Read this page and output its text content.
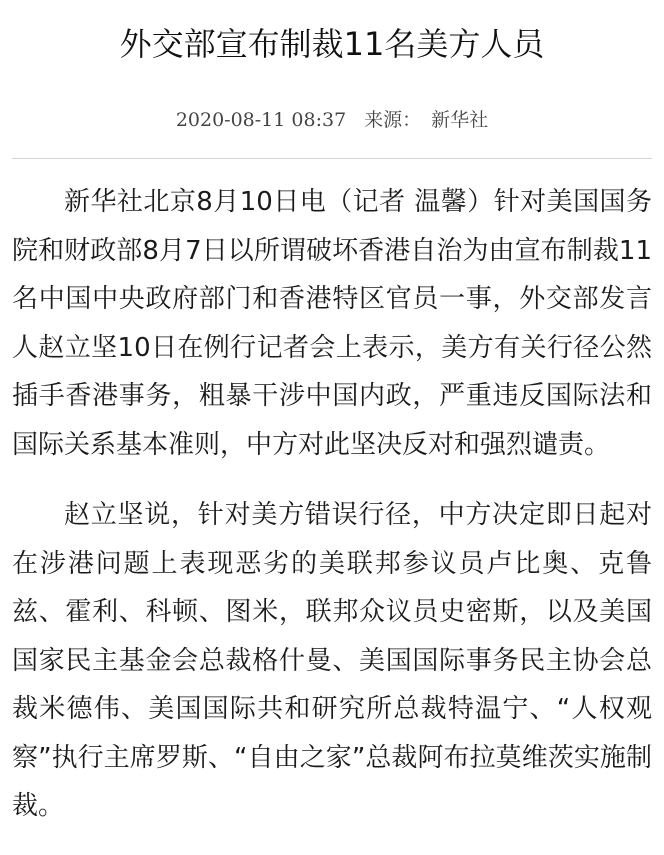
外交部宣布制裁11名美方人员
2020-08-11 08:37 来源： 新华社

新华社北京8月10日电（记者 温馨）针对美国国务院和财政部8月7日以所谓破坏香港自治为由宣布制裁11名中国中央政府部门和香港特区官员一事，外交部发言人赵立坚10日在例行记者会上表示，美方有关行径公然插手香港事务，粗暴干涉中国内政，严重违反国际法和国际关系基本准则，中方对此坚决反对和强烈谴责。

赵立坚说，针对美方错误行径，中方决定即日起对在涉港问题上表现恶劣的美联邦参议员卢比奥、克鲁兹、霍利、科顿、图米，联邦众议员史密斯，以及美国国家民主基金会总裁格什曼、美国国际事务民主协会总裁米德伟、美国国际共和研究所总裁特温宁、“人权观察”执行主席罗斯、“自由之家”总裁阿布拉莫维茨实施制裁。
